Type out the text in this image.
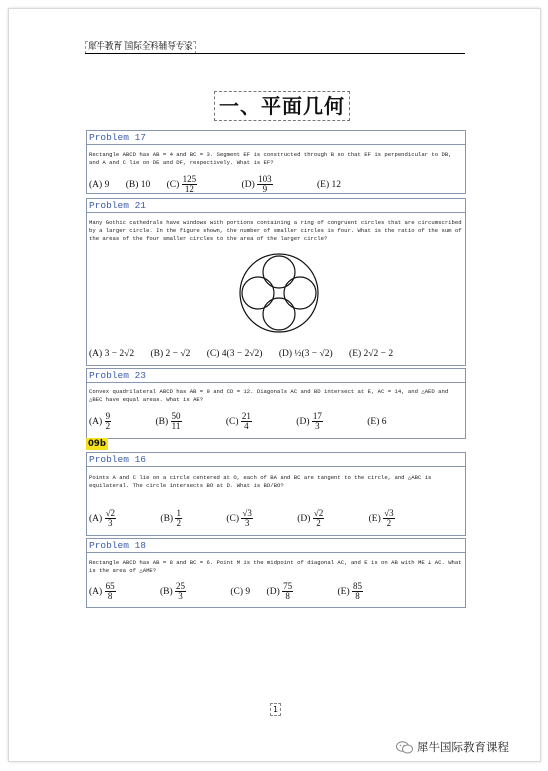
犀牛教育 国际全科辅导专家
一、平面几何
Problem 17
Rectangle ABCD has AB = 4 and BC = 3. Segment EF is constructed through B so that EF is perpendicular to DB, and A and C lie on DE and DF, respectively. What is EF?
(A) 9 (B) 10 $(C) \frac{125}{12}$	$(D) \frac{103}{9}$	(E) 12
Problem 21
Many Gothic cathedrals have windows with portions containing a ring of congruent circles that are circumscribed by a larger circle. In the figure shown, the number of smaller circles is four. What is the ratio of the sum of the areas of the four smaller circles to the area of the larger circle?
(A) 3 − 2√2 (B) 2 − √2 (C) 4(3 − 2√2) (D) ½(3 − √2) (E) 2√2 − 2
Problem 23
Convex quadrilateral ABCD has AB = 9 and CD = 12. Diagonals AC and BD intersect at E, AC = 14, and △AED and △BEC have equal areas. What is AE?
$(A) \frac{9}{2}$	$(B) \frac{50}{11}$	$(C) \frac{21}{4}$	$(D) \frac{17}{3}$	(E) 6
09b
Problem 16
Points A and C lie on a circle centered at O, each of BA and BC are tangent to the circle, and △ABC is equilateral. The circle intersects BO at D. What is BD/BO?
$(A) \frac{√2}{3}$	$(B) \frac{1}{2}$	$(C) \frac{√3}{3}$	$(D) \frac{√2}{2}$	$(E) \frac{√3}{2}$
Problem 18
Rectangle ABCD has AB = 8 and BC = 6. Point M is the midpoint of diagonal AC, and E is on AB with ME ⊥ AC. What is the area of △AME?
$(A) \frac{65}{8}$	$(B) \frac{25}{3}$	(C) 9 $(D) \frac{75}{8}$	$(E) \frac{85}{8}$
1
犀牛国际教育课程
